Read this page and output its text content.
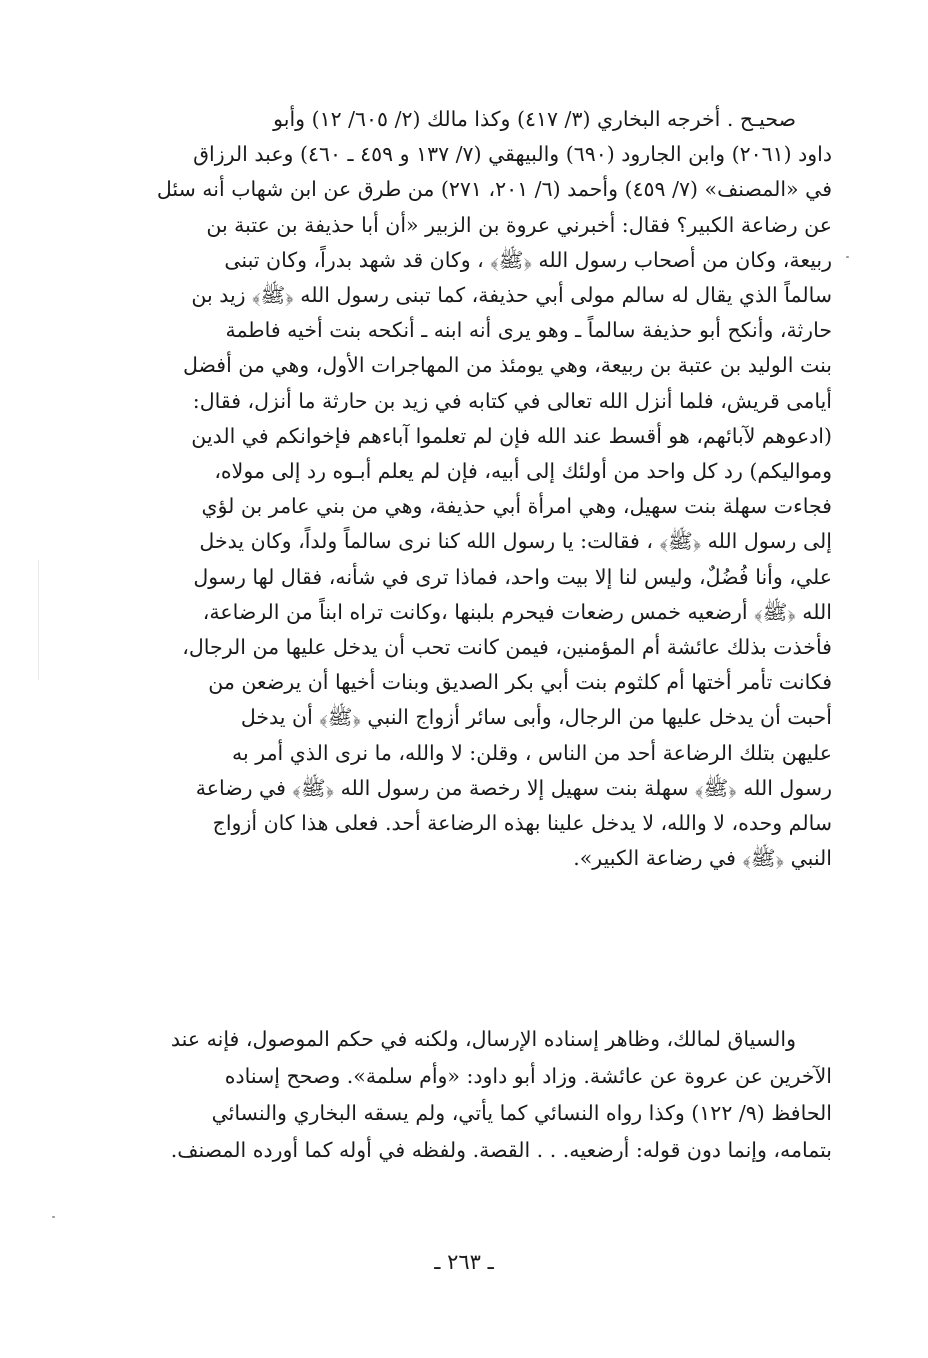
صحيـح . أخرجه البخاري (٣/ ٤١٧) وكذا مالك (٢/ ٦٠٥/ ١٢) وأبو
داود (٢٠٦١) وابن الجارود (٦٩٠) والبيهقي (٧/ ١٣٧ و ٤٥٩ ـ ٤٦٠) وعبد الرزاق
في «المصنف» (٧/ ٤٥٩) وأحمد (٦/ ٢٠١، ٢٧١) من طرق عن ابن شهاب أنه سئل
عن رضاعة الكبير؟ فقال: أخبرني عروة بن الزبير «أن أبا حذيفة بن عتبة بن
ربيعة، وكان من أصحاب رسول الله ﴿ﷺ﴾ ، وكان قد شهد بدراً، وكان تبنى
سالماً الذي يقال له سالم مولى أبي حذيفة، كما تبنى رسول الله ﴿ﷺ﴾ زيد بن
حارثة، وأنكح أبو حذيفة سالماً ـ وهو يرى أنه ابنه ـ أنكحه بنت أخيه فاطمة
بنت الوليد بن عتبة بن ربيعة، وهي يومئذ من المهاجرات الأول، وهي من أفضل
أيامى قريش، فلما أنزل الله تعالى في كتابه في زيد بن حارثة ما أنزل، فقال:
(ادعوهم لآبائهم، هو أقسط عند الله فإن لم تعلموا آباءهم فإخوانكم في الدين
ومواليكم) رد كل واحد من أولئك إلى أبيه، فإن لم يعلم أبـوه رد إلى مولاه،
فجاءت سهلة بنت سهيل، وهي امرأة أبي حذيفة، وهي من بني عامر بن لؤي
إلى رسول الله ﴿ﷺ﴾ ، فقالت: يا رسول الله كنا نرى سالماً ولداً، وكان يدخل
علي، وأنا فُضُلٌ، وليس لنا إلا بيت واحد، فماذا ترى في شأنه، فقال لها رسول
الله ﴿ﷺ﴾ أرضعيه خمس رضعات فيحرم بلبنها ،وكانت تراه ابناً من الرضاعة،
فأخذت بذلك عائشة أم المؤمنين، فيمن كانت تحب أن يدخل عليها من الرجال،
فكانت تأمر أختها أم كلثوم بنت أبي بكر الصديق وبنات أخيها أن يرضعن من
أحبت أن يدخل عليها من الرجال، وأبى سائر أزواج النبي ﴿ﷺ﴾ أن يدخل
عليهن بتلك الرضاعة أحد من الناس ، وقلن: لا والله، ما نرى الذي أمر به
رسول الله ﴿ﷺ﴾ سهلة بنت سهيل إلا رخصة من رسول الله ﴿ﷺ﴾ في رضاعة
سالم وحده، لا والله، لا يدخل علينا بهذه الرضاعة أحد. فعلى هذا كان أزواج
النبي ﴿ﷺ﴾ في رضاعة الكبير».
والسياق لمالك، وظاهر إسناده الإرسال، ولكنه في حكم الموصول، فإنه عند
الآخرين عن عروة عن عائشة. وزاد أبو داود: «وأم سلمة». وصحح إسناده
الحافظ (٩/ ١٢٢) وكذا رواه النسائي كما يأتي، ولم يسقه البخاري والنسائي
بتمامه، وإنما دون قوله: أرضعيه. . . القصة. ولفظه في أوله كما أورده المصنف.
ـ ٢٦٣ ـ
